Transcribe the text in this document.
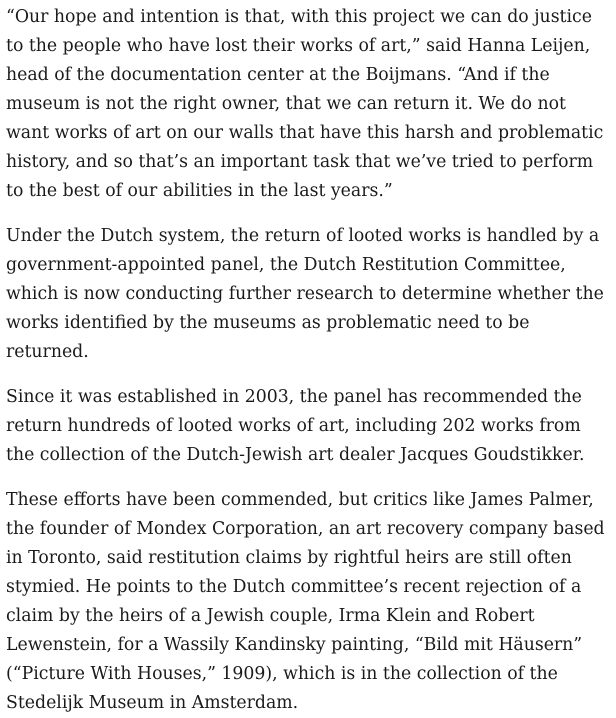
“Our hope and intention is that, with this project we can do justice to the people who have lost their works of art,” said Hanna Leijen, head of the documentation center at the Boijmans. “And if the museum is not the right owner, that we can return it. We do not want works of art on our walls that have this harsh and problematic history, and so that’s an important task that we’ve tried to perform to the best of our abilities in the last years.”

Under the Dutch system, the return of looted works is handled by a government-appointed panel, the Dutch Restitution Committee, which is now conducting further research to determine whether the works identified by the museums as problematic need to be returned.

Since it was established in 2003, the panel has recommended the return hundreds of looted works of art, including 202 works from the collection of the Dutch-Jewish art dealer Jacques Goudstikker.

These efforts have been commended, but critics like James Palmer, the founder of Mondex Corporation, an art recovery company based in Toronto, said restitution claims by rightful heirs are still often stymied. He points to the Dutch committee’s recent rejection of a claim by the heirs of a Jewish couple, Irma Klein and Robert Lewenstein, for a Wassily Kandinsky painting, “Bild mit Häusern” (“Picture With Houses,” 1909), which is in the collection of the Stedelijk Museum in Amsterdam.
